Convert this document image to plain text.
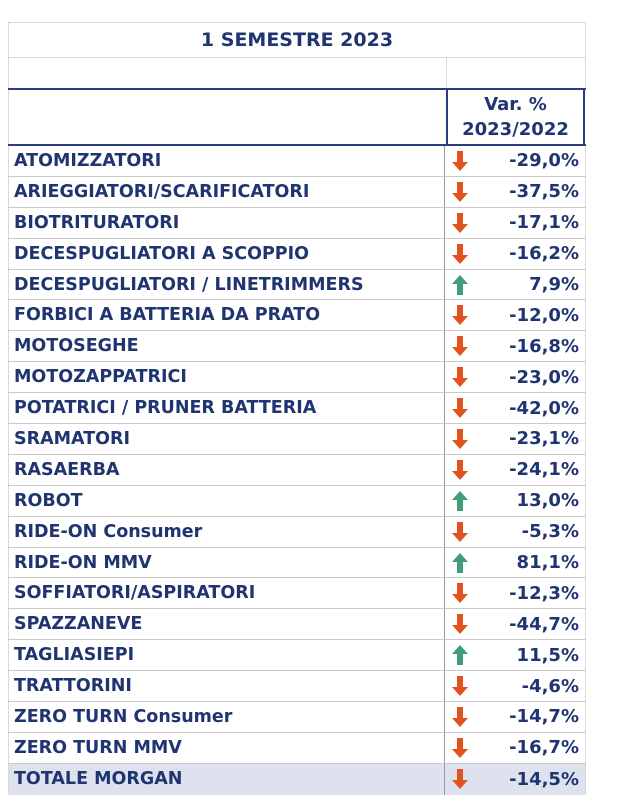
1 SEMESTRE 2023
Var. %
2023/2022
ATOMIZZATORI	-29,0%
ARIEGGIATORI/SCARIFICATORI	-37,5%
BIOTRITURATORI	-17,1%
DECESPUGLIATORI A SCOPPIO	-16,2%
DECESPUGLIATORI / LINETRIMMERS	7,9%
FORBICI A BATTERIA DA PRATO	-12,0%
MOTOSEGHE	-16,8%
MOTOZAPPATRICI	-23,0%
POTATRICI / PRUNER BATTERIA	-42,0%
SRAMATORI	-23,1%
RASAERBA	-24,1%
ROBOT	13,0%
RIDE-ON Consumer	-5,3%
RIDE-ON MMV	81,1%
SOFFIATORI/ASPIRATORI	-12,3%
SPAZZANEVE	-44,7%
TAGLIASIEPI	11,5%
TRATTORINI	-4,6%
ZERO TURN Consumer	-14,7%
ZERO TURN MMV	-16,7%
TOTALE MORGAN	-14,5%
